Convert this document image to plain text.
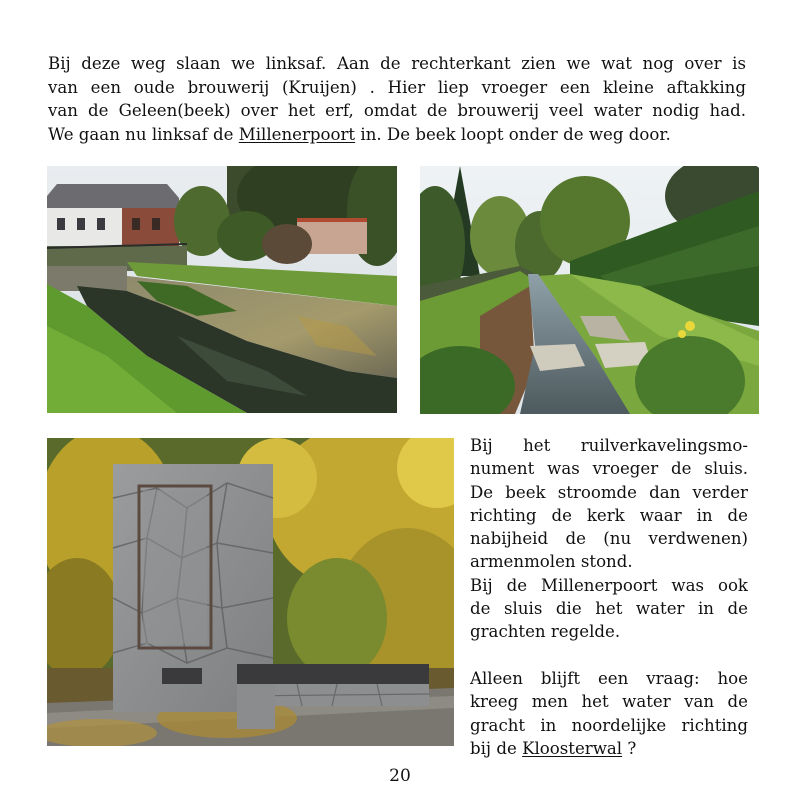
Bij deze weg slaan we linksaf. Aan de rechterkant zien we wat nog over is
van een oude brouwerij (Kruijen) . Hier liep vroeger een kleine aftakking
van de Geleen(beek) over het erf, omdat de brouwerij veel water nodig had.
We gaan nu linksaf de Millenerpoort in. De beek loopt onder de weg door.
Bij het ruilverkavelingsmo-
nument was vroeger de sluis.
De beek stroomde dan verder
richting de kerk waar in de
nabijheid de (nu verdwenen)
armenmolen stond.
Bij de Millenerpoort was ook
de sluis die het water in de
grachten regelde.
Alleen blijft een vraag: hoe
kreeg men het water van de
gracht in noordelijke richting
bij de Kloosterwal ?
20
